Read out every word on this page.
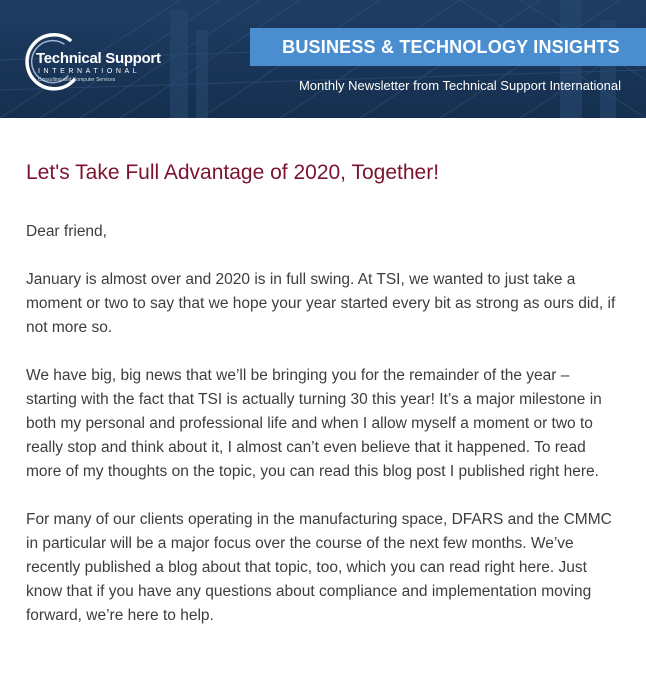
Technical Support
INTERNATIONAL
Consulting and Computer Services
BUSINESS & TECHNOLOGY INSIGHTS
Monthly Newsletter from Technical Support International
Let's Take Full Advantage of 2020, Together!

Dear friend,

January is almost over and 2020 is in full swing. At TSI, we wanted to just take a moment or two to say that we hope your year started every bit as strong as ours did, if not more so.

We have big, big news that we’ll be bringing you for the remainder of the year – starting with the fact that TSI is actually turning 30 this year! It’s a major milestone in both my personal and professional life and when I allow myself a moment or two to really stop and think about it, I almost can’t even believe that it happened. To read more of my thoughts on the topic, you can read this blog post I published right here.

For many of our clients operating in the manufacturing space, DFARS and the CMMC in particular will be a major focus over the course of the next few months. We’ve recently published a blog about that topic, too, which you can read right here. Just know that if you have any questions about compliance and implementation moving forward, we’re here to help.
